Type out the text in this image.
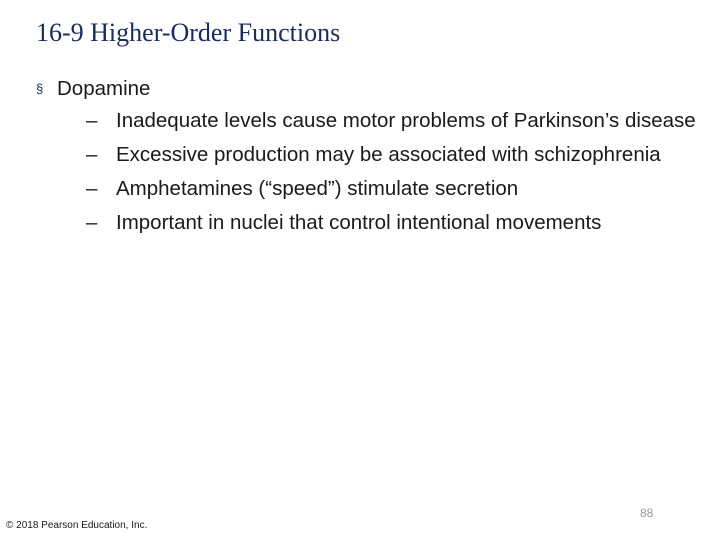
16-9 Higher-Order Functions
§ Dopamine
– Inadequate levels cause motor problems of Parkinson’s disease
– Excessive production may be associated with schizophrenia
– Amphetamines (“speed”) stimulate secretion
– Important in nuclei that control intentional movements
88
© 2018 Pearson Education, Inc.
